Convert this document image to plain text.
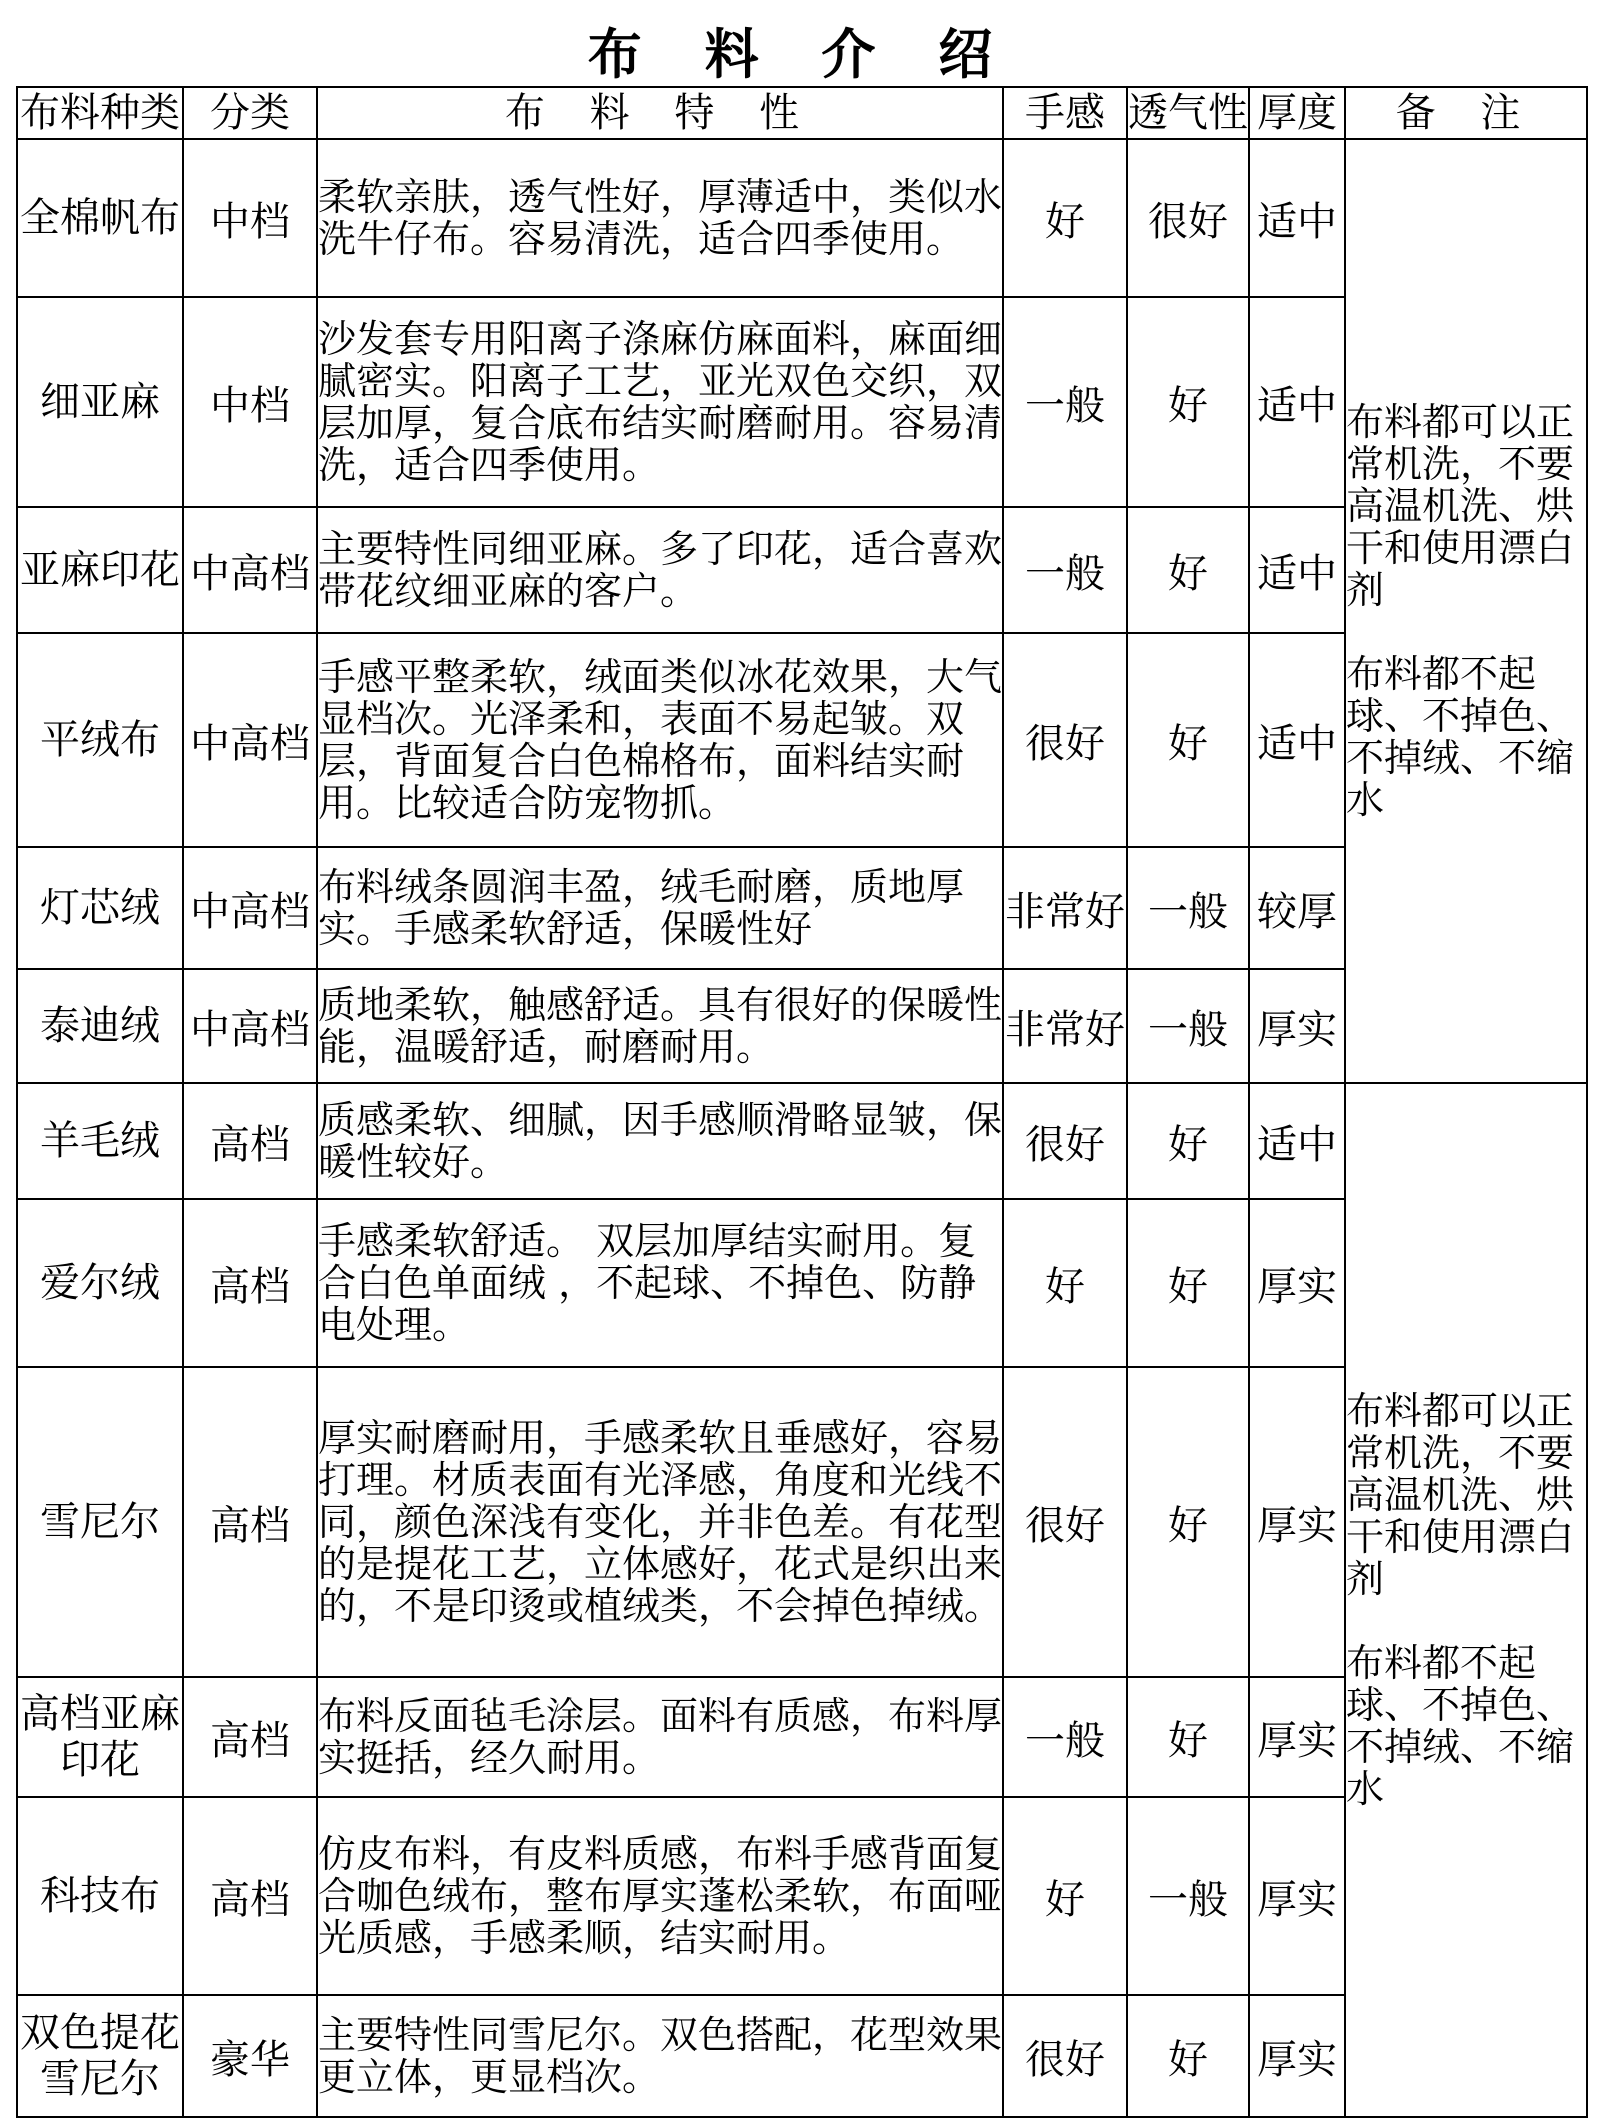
布 料 介 绍
布料种类	分类	布 料 特 性	手感	透气性	厚度	备 注
全棉帆布	中档	柔软亲肤，透气性好，厚薄适中，类似水洗牛仔布。容易清洗，适合四季使用。	好	很好	适中	布料都可以正常机洗，不要高温机洗、烘干和使用漂白剂
布料都不起球、不掉色、不掉绒、不缩水

细亚麻	中档	沙发套专用阳离子涤麻仿麻面料，麻面细腻密实。阳离子工艺，亚光双色交织，双层加厚，复合底布结实耐磨耐用。容易清洗，适合四季使用。	一般	好	适中	
亚麻印花	中高档	主要特性同细亚麻。多了印花，适合喜欢带花纹细亚麻的客户。	一般	好	适中	
平绒布	中高档	手感平整柔软，绒面类似冰花效果，大气显档次。光泽柔和，表面不易起皱。双层，背面复合白色棉格布，面料结实耐用。比较适合防宠物抓。	很好	好	适中	
灯芯绒	中高档	布料绒条圆润丰盈，绒毛耐磨，质地厚实。手感柔软舒适，保暖性好	非常好	一般	较厚	
泰迪绒	中高档	质地柔软，触感舒适。具有很好的保暖性能，温暖舒适，耐磨耐用。	非常好	一般	厚实	
羊毛绒	高档	质感柔软、细腻，因手感顺滑略显皱，保暖性较好。	很好	好	适中	布料都可以正常机洗，不要高温机洗、烘干和使用漂白剂
布料都不起球、不掉色、不掉绒、不缩水

爱尔绒	高档	手感柔软舒适。 双层加厚结实耐用。复合白色单面绒 ，不起球、不掉色、防静电处理。	好	好	厚实	
雪尼尔	高档	厚实耐磨耐用，手感柔软且垂感好，容易打理。材质表面有光泽感，角度和光线不同，颜色深浅有变化，并非色差。有花型的是提花工艺，立体感好，花式是织出来的，不是印烫或植绒类，不会掉色掉绒。	很好	好	厚实	
高档亚麻印花	高档	布料反面毡毛涂层。面料有质感，布料厚实挺括，经久耐用。	一般	好	厚实	
科技布	高档	仿皮布料，有皮料质感，布料手感背面复合咖色绒布，整布厚实蓬松柔软，布面哑光质感，手感柔顺，结实耐用。	好	一般	厚实	
双色提花雪尼尔	豪华	主要特性同雪尼尔。双色搭配，花型效果更立体，更显档次。	很好	好	厚实	
